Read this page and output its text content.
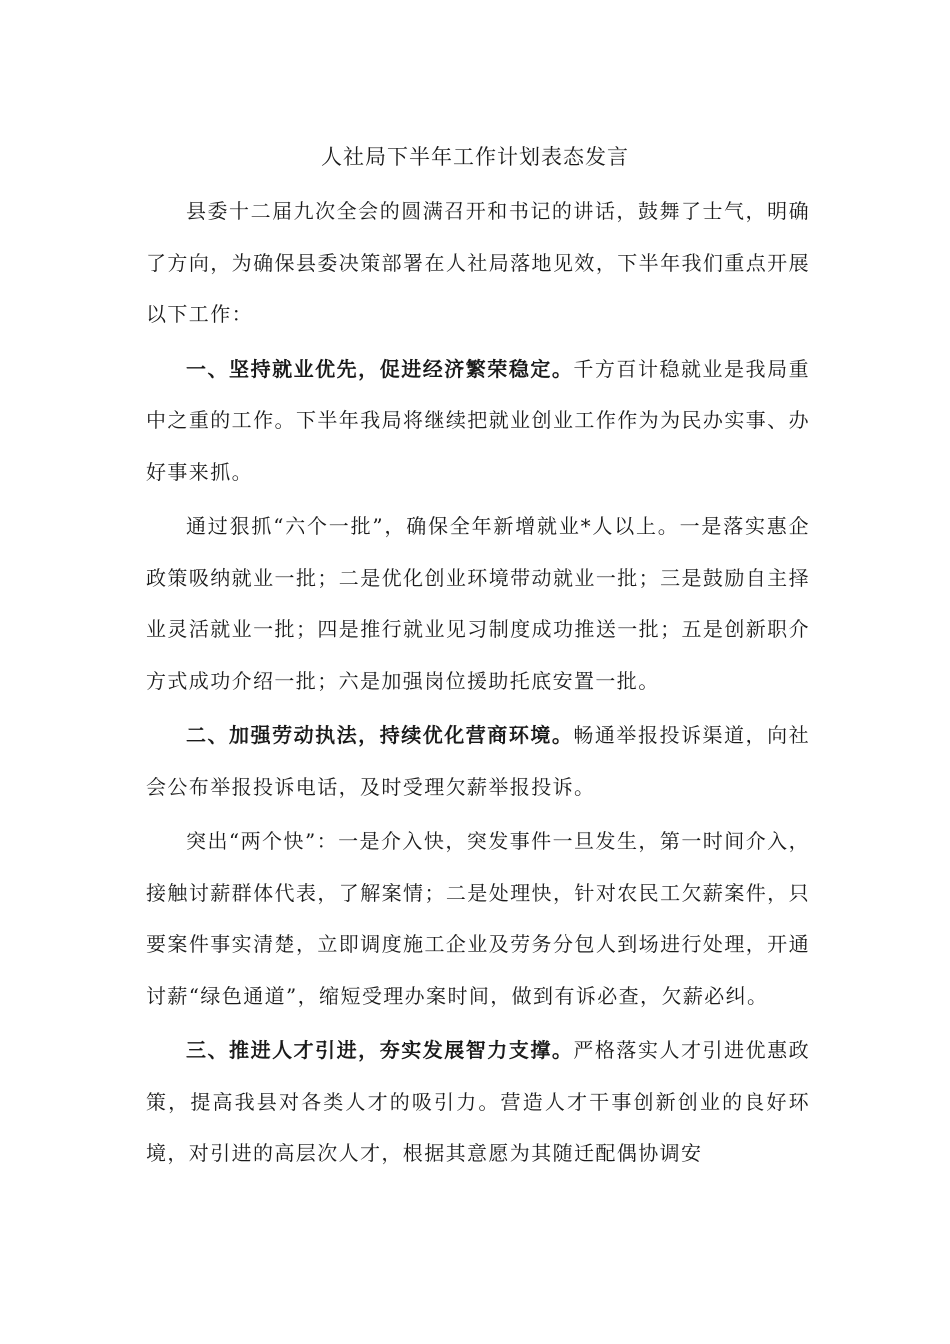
人社局下半年工作计划表态发言

县委十二届九次全会的圆满召开和书记的讲话，鼓舞了士气，明确了方向，为确保县委决策部署在人社局落地见效，下半年我们重点开展以下工作：

一、坚持就业优先，促进经济繁荣稳定。千方百计稳就业是我局重中之重的工作。下半年我局将继续把就业创业工作作为为民办实事、办好事来抓。

通过狠抓“六个一批”，确保全年新增就业*人以上。一是落实惠企政策吸纳就业一批；二是优化创业环境带动就业一批；三是鼓励自主择业灵活就业一批；四是推行就业见习制度成功推送一批；五是创新职介方式成功介绍一批；六是加强岗位援助托底安置一批。

二、加强劳动执法，持续优化营商环境。畅通举报投诉渠道，向社会公布举报投诉电话，及时受理欠薪举报投诉。

突出“两个快”：一是介入快，突发事件一旦发生，第一时间介入，接触讨薪群体代表，了解案情；二是处理快，针对农民工欠薪案件，只要案件事实清楚，立即调度施工企业及劳务分包人到场进行处理，开通讨薪“绿色通道”，缩短受理办案时间，做到有诉必查，欠薪必纠。

三、推进人才引进，夯实发展智力支撑。严格落实人才引进优惠政策，提高我县对各类人才的吸引力。营造人才干事创新创业的良好环境，对引进的高层次人才，根据其意愿为其随迁配偶协调安
